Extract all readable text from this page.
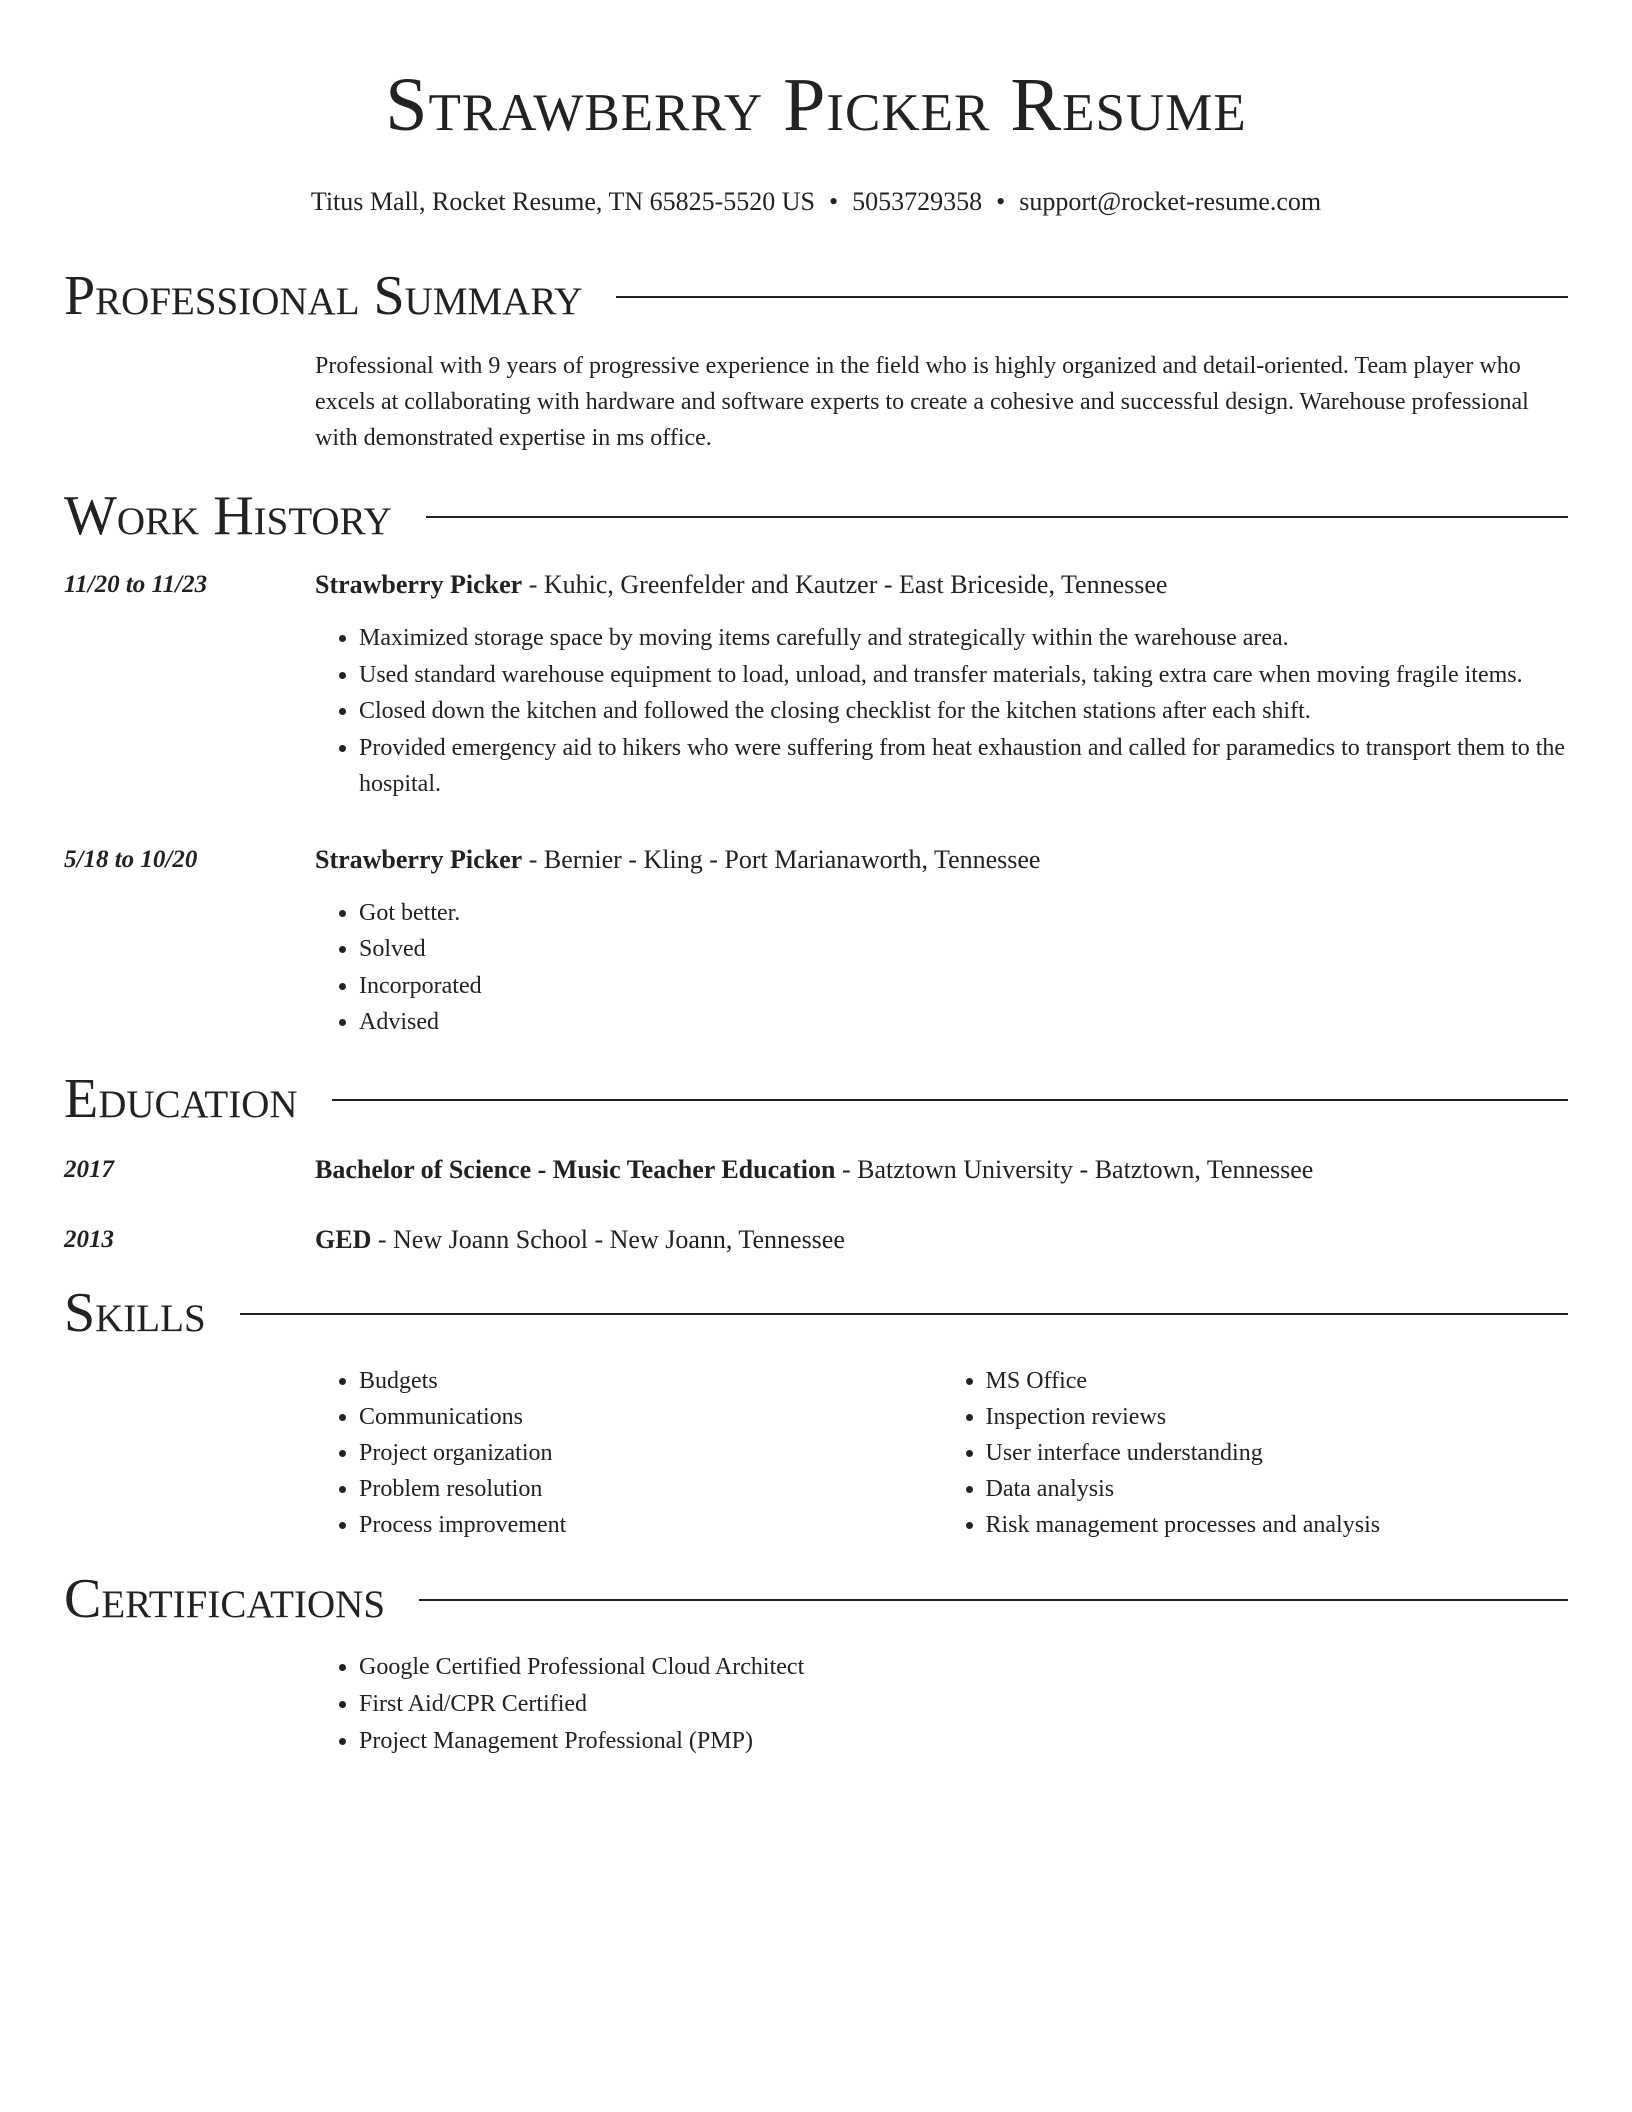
Strawberry Picker Resume
Titus Mall, Rocket Resume, TN 65825-5520 US • 5053729358 • support@rocket-resume.com
Professional Summary
Professional with 9 years of progressive experience in the field who is highly organized and detail-oriented. Team player who excels at collaborating with hardware and software experts to create a cohesive and successful design. Warehouse professional with demonstrated expertise in ms office.
Work History
11/20 to 11/23	Strawberry Picker - Kuhic, Greenfelder and Kautzer - East Briceside, Tennessee
• Maximized storage space by moving items carefully and strategically within the warehouse area.
• Used standard warehouse equipment to load, unload, and transfer materials, taking extra care when moving fragile items.
• Closed down the kitchen and followed the closing checklist for the kitchen stations after each shift.
• Provided emergency aid to hikers who were suffering from heat exhaustion and called for paramedics to transport them to the hospital.
5/18 to 10/20	Strawberry Picker - Bernier - Kling - Port Marianaworth, Tennessee
• Got better.
• Solved
• Incorporated
• Advised
Education
2017	Bachelor of Science - Music Teacher Education - Batztown University - Batztown, Tennessee
2013	GED - New Joann School - New Joann, Tennessee
Skills
• Budgets
• Communications
• Project organization
• Problem resolution
• Process improvement
• MS Office
• Inspection reviews
• User interface understanding
• Data analysis
• Risk management processes and analysis
Certifications
• Google Certified Professional Cloud Architect
• First Aid/CPR Certified
• Project Management Professional (PMP)
